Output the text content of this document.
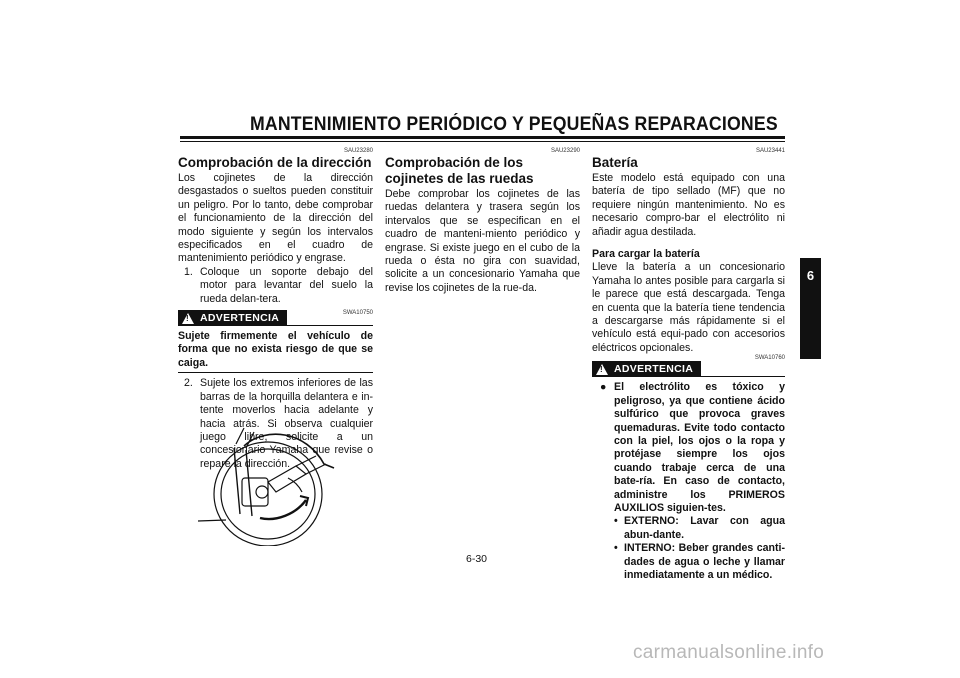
MANTENIMIENTO PERIÓDICO Y PEQUEÑAS REPARACIONES
SAU23280
Comprobación de la dirección

Los cojinetes de la dirección desgastados o sueltos pueden constituir un peligro. Por lo tanto, debe comprobar el funcionamiento de la dirección del modo siguiente y según los intervalos especificados en el cuadro de mantenimiento periódico y engrase.

1. Coloque un soporte debajo del motor para levantar del suelo la rueda delan-tera.
! ADVERTENCIA	SWA10750
Sujete firmemente el vehículo de forma que no exista riesgo de que se caiga.
2. Sujete los extremos inferiores de las barras de la horquilla delantera e in-tente moverlos hacia adelante y hacia atrás. Si observa cualquier juego libre, solicite a un concesionario Yamaha que revise o repare la dirección.
SAU23290
Comprobación de los cojinetes de las ruedas

Debe comprobar los cojinetes de las ruedas delantera y trasera según los intervalos que se especifican en el cuadro de manteni-miento periódico y engrase. Si existe juego en el cubo de la rueda o ésta no gira con suavidad, solicite a un concesionario Yamaha que revise los cojinetes de la rue-da.

SAU23441
Batería

Este modelo está equipado con una batería de tipo sellado (MF) que no requiere ningún mantenimiento. No es necesario compro-bar el electrólito ni añadir agua destilada.

Para cargar la batería

Lleve la batería a un concesionario Yamaha lo antes posible para cargarla si le parece que está descargada. Tenga en cuenta que la batería tiene tendencia a descargarse más rápidamente si el vehículo está equi-pado con accesorios eléctricos opcionales.

! ADVERTENCIA
SWA10760
● El electrólito es tóxico y peligroso, ya que contiene ácido sulfúrico que provoca graves quemaduras. Evite todo contacto con la piel, los ojos o la ropa y protéjase siempre los ojos cuando trabaje cerca de una bate-ría. En caso de contacto, administre los PRIMEROS AUXILIOS siguien-tes.
• EXTERNO: Lavar con agua abun-dante.
• INTERNO: Beber grandes canti-dades de agua o leche y llamar inmediatamente a un médico.
6
6-30
carmanualsonline.info
